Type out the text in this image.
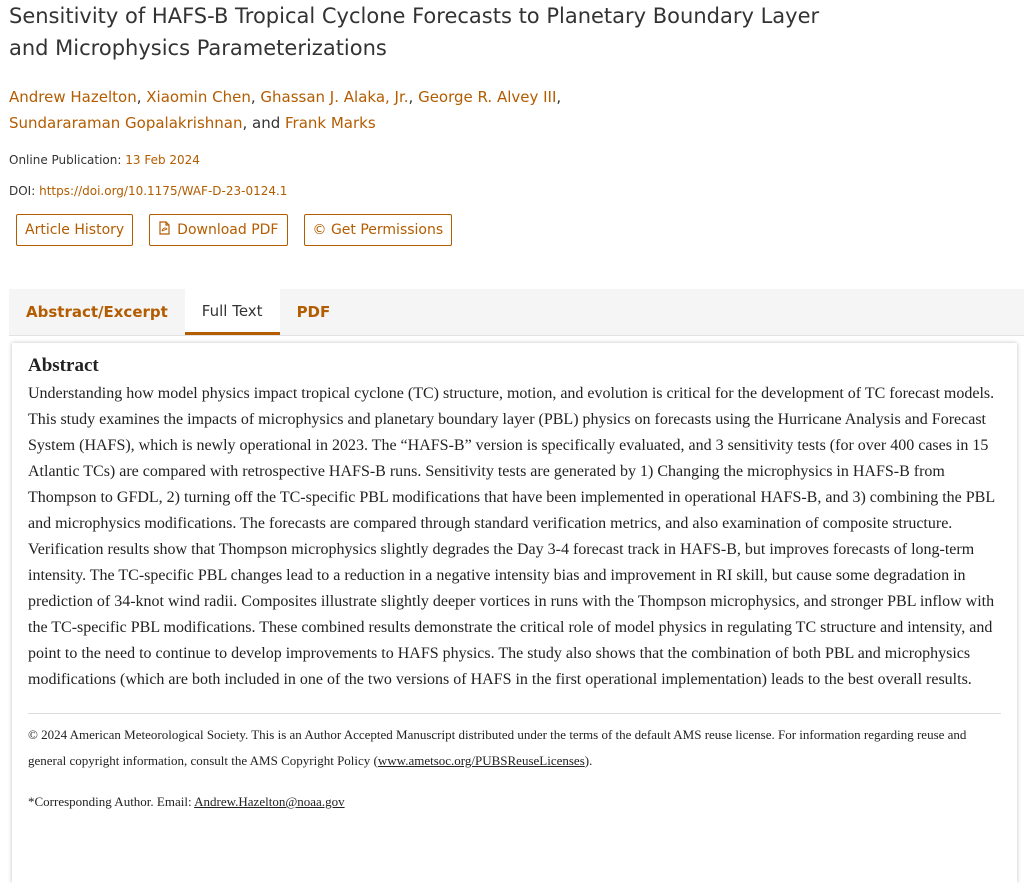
Sensitivity of HAFS-B Tropical Cyclone Forecasts to Planetary Boundary Layer
and Microphysics Parameterizations
Andrew Hazelton, Xiaomin Chen, Ghassan J. Alaka, Jr., George R. Alvey III,
Sundararaman Gopalakrishnan, and Frank Marks
Online Publication: 13 Feb 2024
DOI: https://doi.org/10.1175/WAF-D-23-0124.1
Article History	Download PDF © Get Permissions
Abstract/Excerpt	Full Text	PDF
Abstract

Understanding how model physics impact tropical cyclone (TC) structure, motion, and evolution is critical for the development of TC forecast models. This study examines the impacts of microphysics and planetary boundary layer (PBL) physics on forecasts using the Hurricane Analysis and Forecast System (HAFS), which is newly operational in 2023. The “HAFS-B” version is specifically evaluated, and 3 sensitivity tests (for over 400 cases in 15 Atlantic TCs) are compared with retrospective HAFS-B runs. Sensitivity tests are generated by 1) Changing the microphysics in HAFS-B from Thompson to GFDL, 2) turning off the TC-specific PBL modifications that have been implemented in operational HAFS-B, and 3) combining the PBL and microphysics modifications. The forecasts are compared through standard verification metrics, and also examination of composite structure. Verification results show that Thompson microphysics slightly degrades the Day 3-4 forecast track in HAFS-B, but improves forecasts of long-term intensity. The TC-specific PBL changes lead to a reduction in a negative intensity bias and improvement in RI skill, but cause some degradation in prediction of 34-knot wind radii. Composites illustrate slightly deeper vortices in runs with the Thompson microphysics, and stronger PBL inflow with the TC-specific PBL modifications. These combined results demonstrate the critical role of model physics in regulating TC structure and intensity, and point to the need to continue to develop improvements to HAFS physics. The study also shows that the combination of both PBL and microphysics modifications (which are both included in one of the two versions of HAFS in the first operational implementation) leads to the best overall results.

© 2024 American Meteorological Society. This is an Author Accepted Manuscript distributed under the terms of the default AMS reuse license. For information regarding reuse and general copyright information, consult the AMS Copyright Policy (www.ametsoc.org/PUBSReuseLicenses).
*Corresponding Author. Email: Andrew.Hazelton@noaa.gov
